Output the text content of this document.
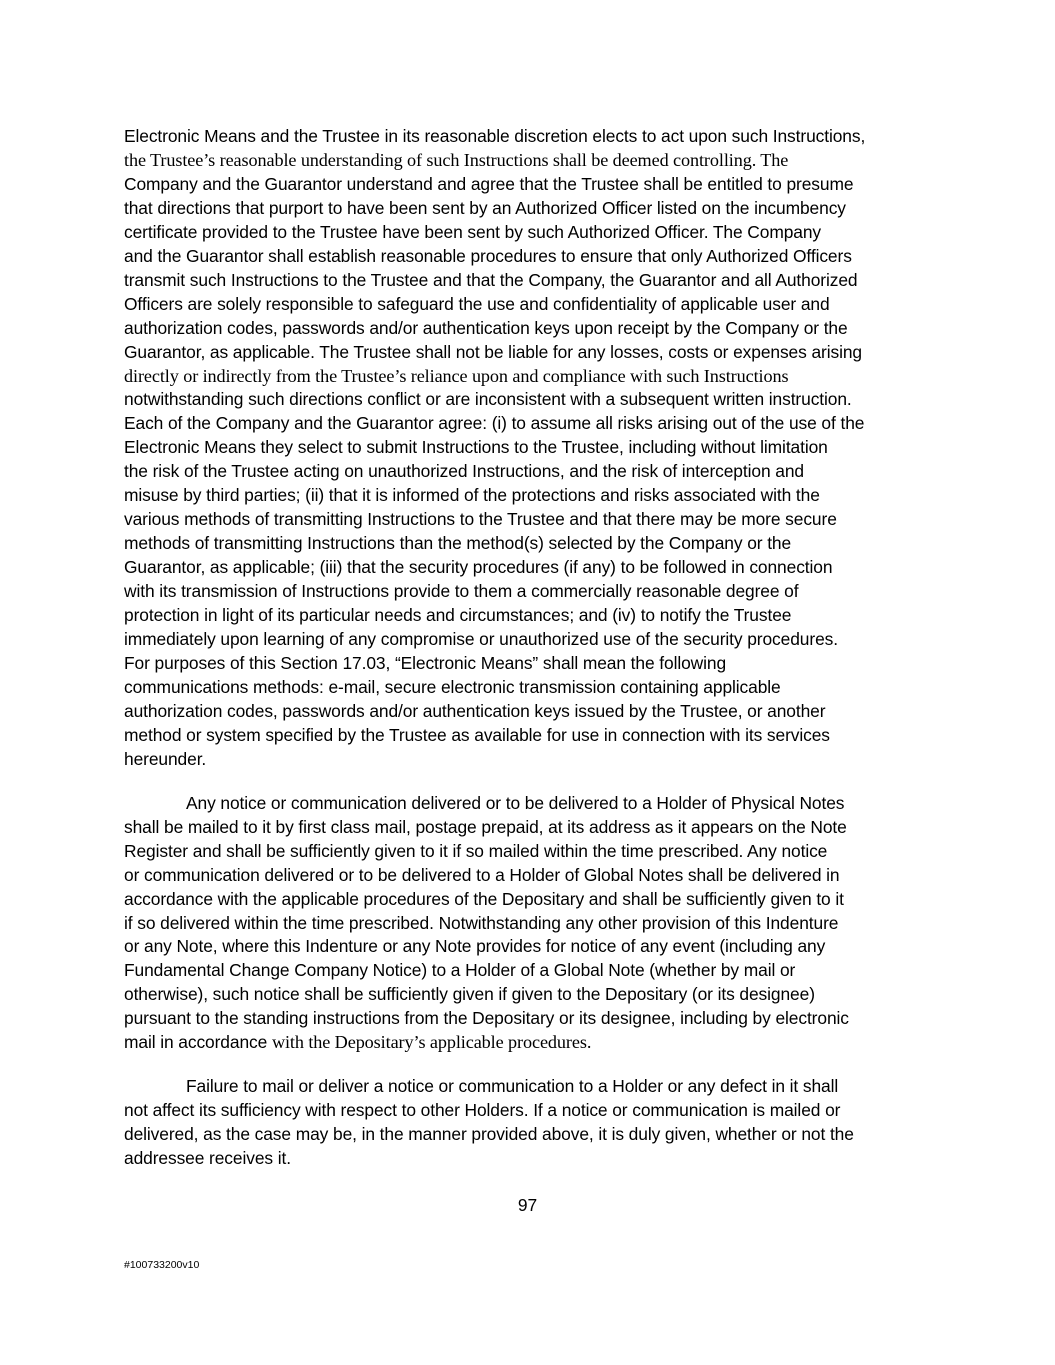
Electronic Means and the Trustee in its reasonable discretion elects to act upon such Instructions,
the Trustee’s reasonable understanding of such Instructions shall be deemed controlling. The
Company and the Guarantor understand and agree that the Trustee shall be entitled to presume
that directions that purport to have been sent by an Authorized Officer listed on the incumbency
certificate provided to the Trustee have been sent by such Authorized Officer. The Company
and the Guarantor shall establish reasonable procedures to ensure that only Authorized Officers
transmit such Instructions to the Trustee and that the Company, the Guarantor and all Authorized
Officers are solely responsible to safeguard the use and confidentiality of applicable user and
authorization codes, passwords and/or authentication keys upon receipt by the Company or the
Guarantor, as applicable. The Trustee shall not be liable for any losses, costs or expenses arising
directly or indirectly from the Trustee’s reliance upon and compliance with such Instructions
notwithstanding such directions conflict or are inconsistent with a subsequent written instruction.
Each of the Company and the Guarantor agree: (i) to assume all risks arising out of the use of the
Electronic Means they select to submit Instructions to the Trustee, including without limitation
the risk of the Trustee acting on unauthorized Instructions, and the risk of interception and
misuse by third parties; (ii) that it is informed of the protections and risks associated with the
various methods of transmitting Instructions to the Trustee and that there may be more secure
methods of transmitting Instructions than the method(s) selected by the Company or the
Guarantor, as applicable; (iii) that the security procedures (if any) to be followed in connection
with its transmission of Instructions provide to them a commercially reasonable degree of
protection in light of its particular needs and circumstances; and (iv) to notify the Trustee
immediately upon learning of any compromise or unauthorized use of the security procedures.
For purposes of this Section 17.03, “Electronic Means” shall mean the following
communications methods: e-mail, secure electronic transmission containing applicable
authorization codes, passwords and/or authentication keys issued by the Trustee, or another
method or system specified by the Trustee as available for use in connection with its services
hereunder.
Any notice or communication delivered or to be delivered to a Holder of Physical Notes
shall be mailed to it by first class mail, postage prepaid, at its address as it appears on the Note
Register and shall be sufficiently given to it if so mailed within the time prescribed. Any notice
or communication delivered or to be delivered to a Holder of Global Notes shall be delivered in
accordance with the applicable procedures of the Depositary and shall be sufficiently given to it
if so delivered within the time prescribed. Notwithstanding any other provision of this Indenture
or any Note, where this Indenture or any Note provides for notice of any event (including any
Fundamental Change Company Notice) to a Holder of a Global Note (whether by mail or
otherwise), such notice shall be sufficiently given if given to the Depositary (or its designee)
pursuant to the standing instructions from the Depositary or its designee, including by electronic
mail in accordance with the Depositary’s applicable procedures.
Failure to mail or deliver a notice or communication to a Holder or any defect in it shall
not affect its sufficiency with respect to other Holders. If a notice or communication is mailed or
delivered, as the case may be, in the manner provided above, it is duly given, whether or not the
addressee receives it.
97
#100733200v10
